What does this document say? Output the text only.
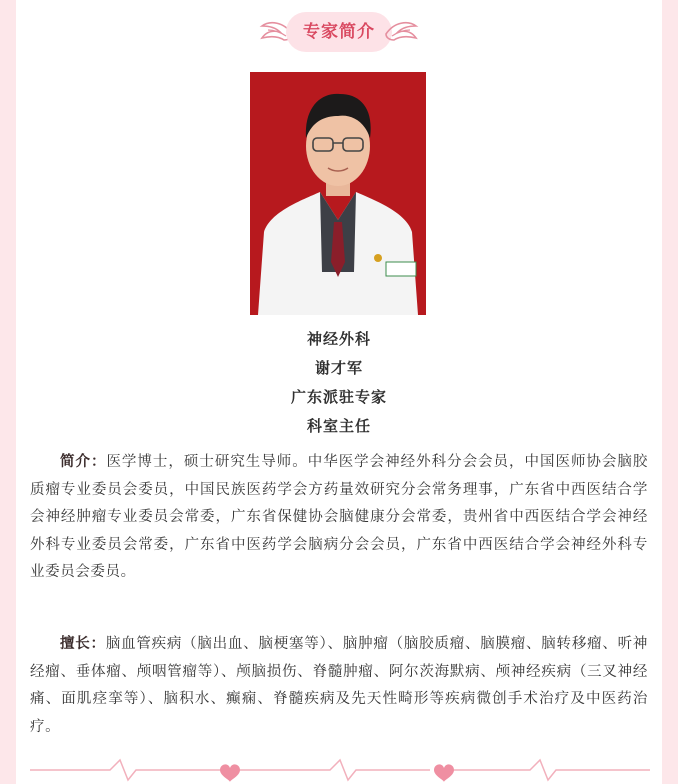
专家简介
神经外科
谢才军
广东派驻专家
科室主任

简介：医学博士，硕士研究生导师。中华医学会神经外科分会会员，中国医师协会脑胶质瘤专业委员会委员，中国民族医药学会方药量效研究分会常务理事，广东省中西医结合学会神经肿瘤专业委员会常委，广东省保健协会脑健康分会常委，贵州省中西医结合学会神经外科专业委员会常委，广东省中医药学会脑病分会会员，广东省中西医结合学会神经外科专业委员会委员。

擅长：脑血管疾病（脑出血、脑梗塞等）、脑肿瘤（脑胶质瘤、脑膜瘤、脑转移瘤、听神经瘤、垂体瘤、颅咽管瘤等）、颅脑损伤、脊髓肿瘤、阿尔茨海默病、颅神经疾病（三叉神经痛、面肌痉挛等）、脑积水、癫痫、脊髓疾病及先天性畸形等疾病微创手术治疗及中医药治疗。
